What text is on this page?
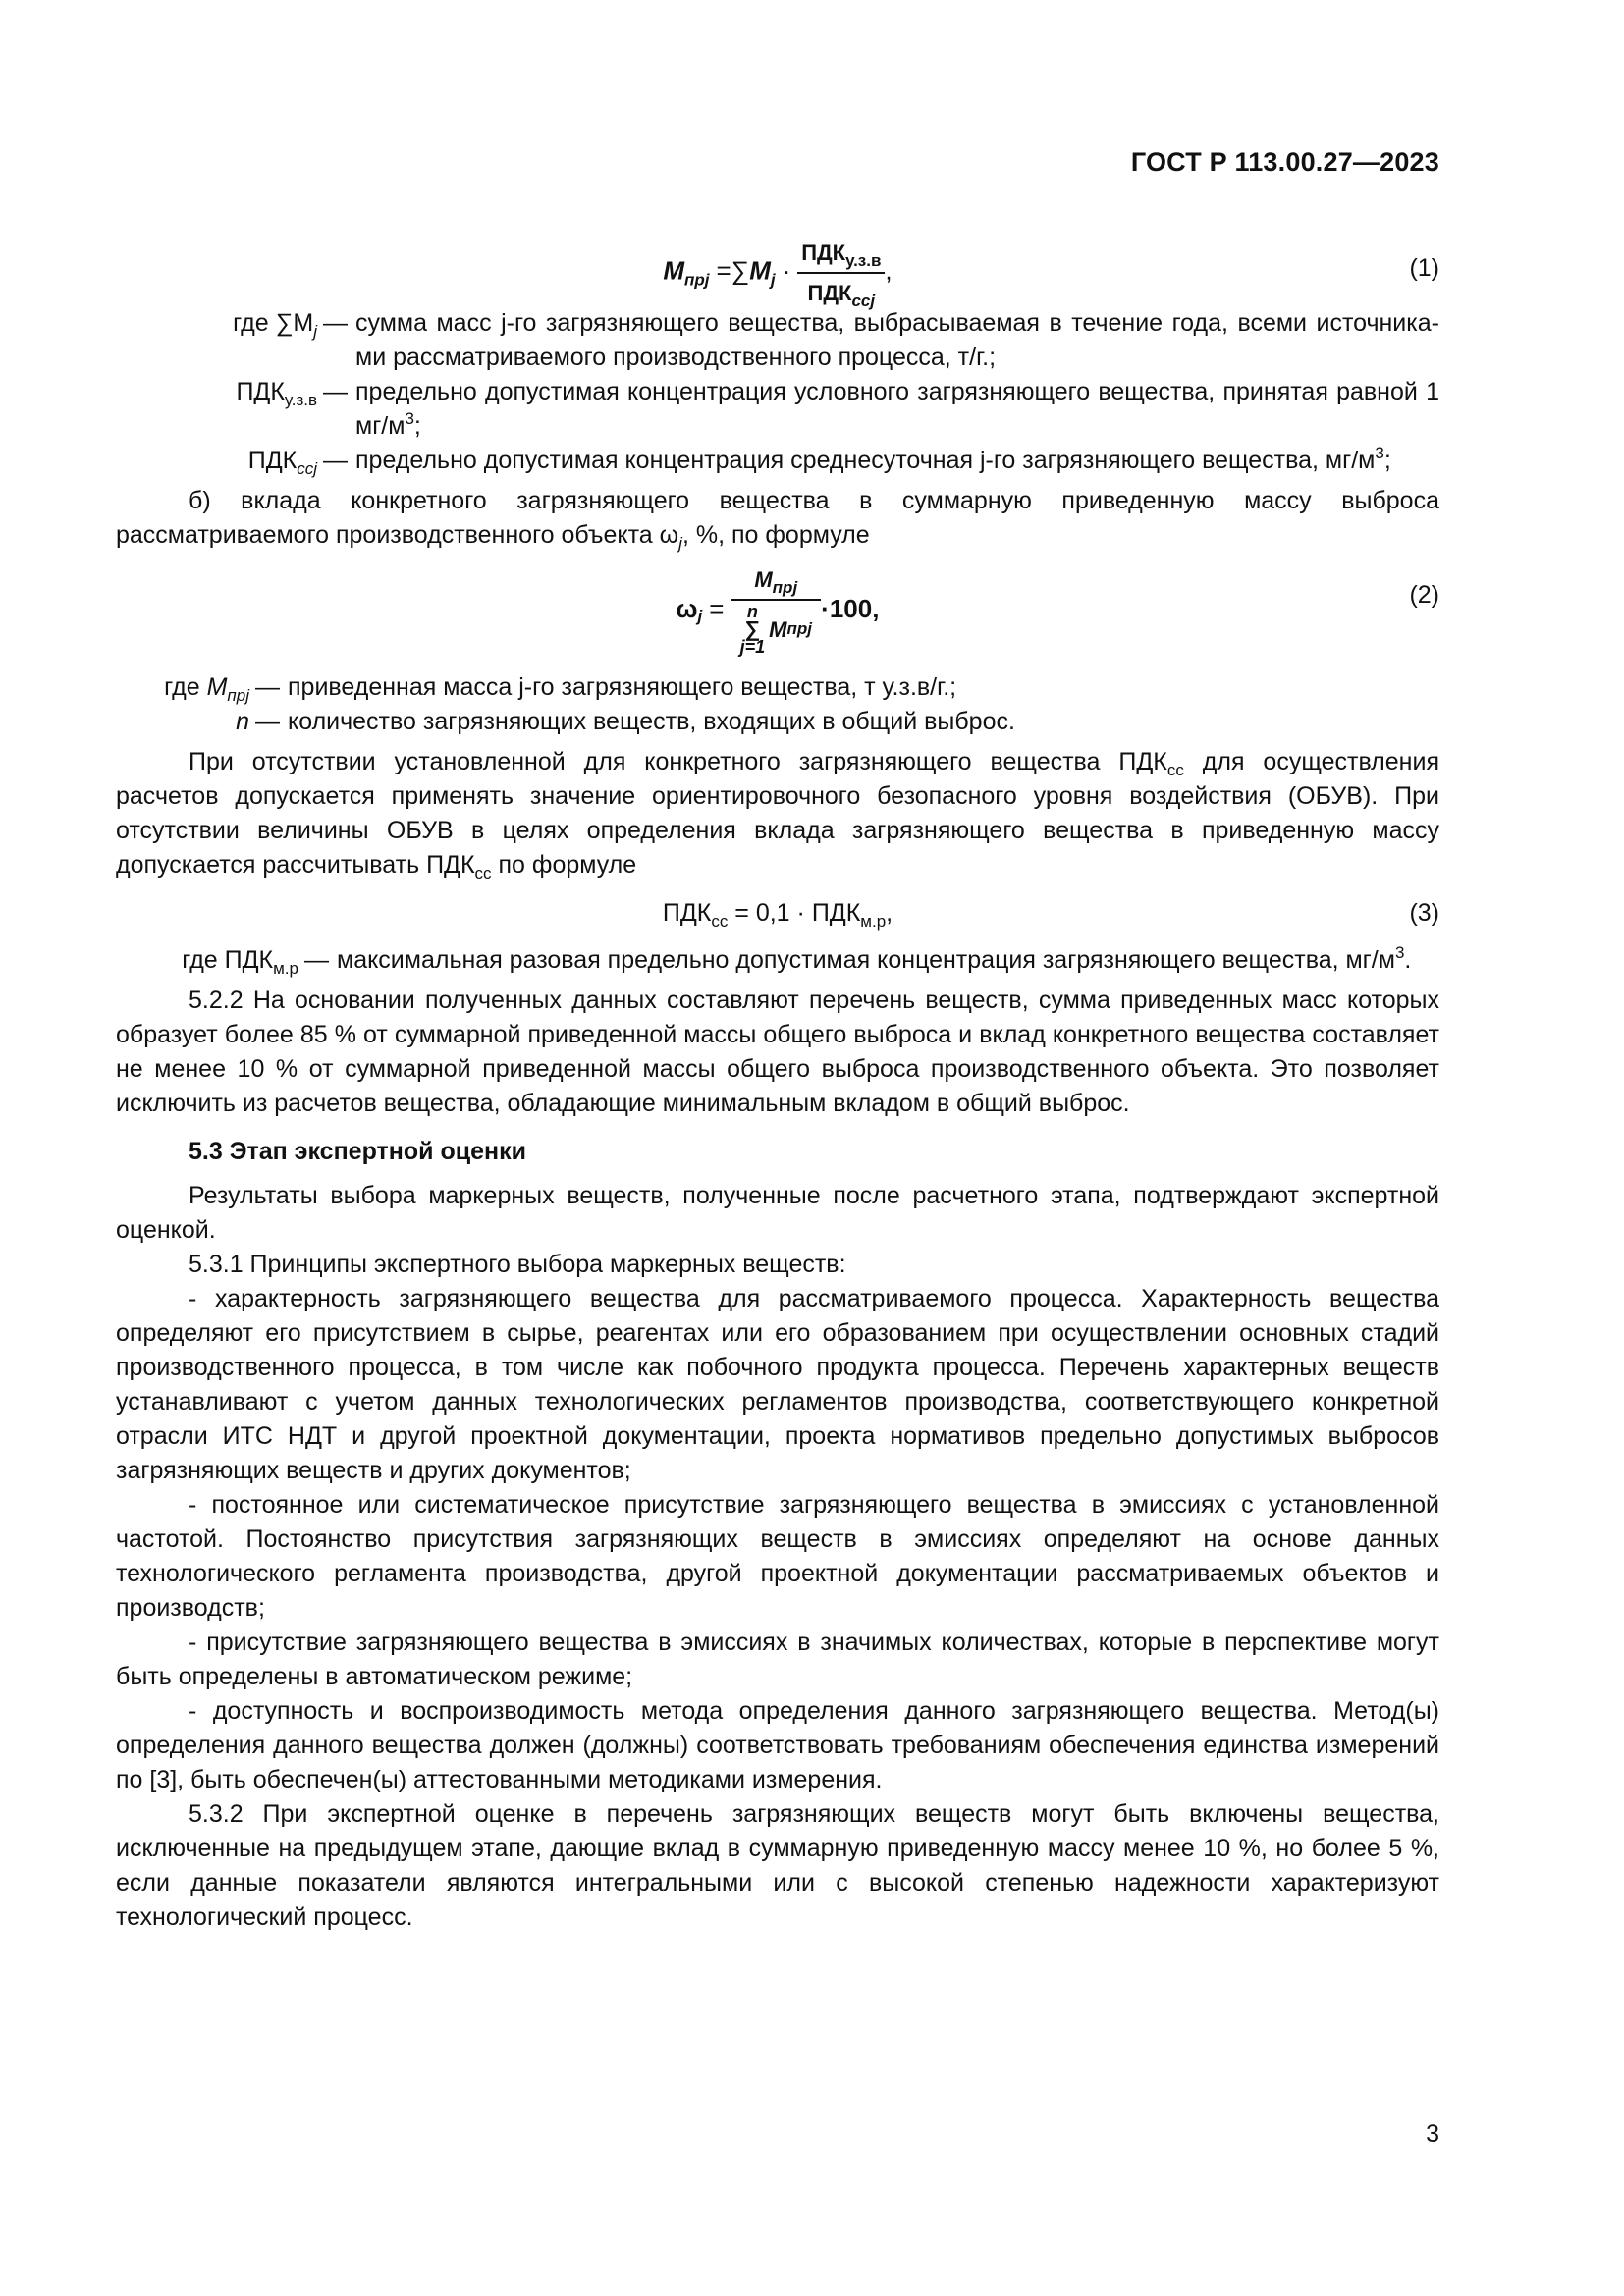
ГОСТ Р 113.00.27—2023
$M_{прj} =\sum M_j \cdot \frac{ПДК_{у.з.в}}{ПДК_{ccj}}$ ,	(1)
где $\sum M_j$ — сумма масс j-го загрязняющего вещества, выбрасываемая в течение года, всеми источника-ми рассматриваемого производственного процесса, т/г.;
$ПДК_{у.з.в}$ — предельно допустимая концентрация условного загрязняющего вещества, принятая равной 1 $мг/м^3$;
$ПДК_{ccj}$ — предельно допустимая концентрация среднесуточная j-го загрязняющего вещества, $мг/м^3$;

б) вклада конкретного загрязняющего вещества в суммарную приведенную массу выброса рассматриваемого производственного объекта $\omega_j$, %, по формуле

$\omega_j$ =
$M_{прj}$
n
∑
j=1
M прj
·100,	(2)
где $M_{прj}$ — приведенная масса j-го загрязняющего вещества, т у.з.в/г.;
n — количество загрязняющих веществ, входящих в общий выброс.

При отсутствии установленной для конкретного загрязняющего вещества $ПДК_{cc}$ для осуществления расчетов допускается применять значение ориентировочного безопасного уровня воздействия (ОБУВ). При отсутствии величины ОБУВ в целях определения вклада загрязняющего вещества в приведенную массу допускается рассчитывать $ПДК_{cc}$ по формуле

$ПДК_{cc} = 0,1 \cdot ПДК_{м.р}$,	(3)
где $ПДК_{м.р}$ — максимальная разовая предельно допустимая концентрация загрязняющего вещества, $мг/м^3$.

5.2.2 На основании полученных данных составляют перечень веществ, сумма приведенных масс которых образует более 85 % от суммарной приведенной массы общего выброса и вклад конкретного вещества составляет не менее 10 % от суммарной приведенной массы общего выброса производственного объекта. Это позволяет исключить из расчетов вещества, обладающие минимальным вкладом в общий выброс.

5.3 Этап экспертной оценки

Результаты выбора маркерных веществ, полученные после расчетного этапа, подтверждают экспертной оценкой.

5.3.1 Принципы экспертного выбора маркерных веществ:

- характерность загрязняющего вещества для рассматриваемого процесса. Характерность вещества определяют его присутствием в сырье, реагентах или его образованием при осуществлении основных стадий производственного процесса, в том числе как побочного продукта процесса. Перечень характерных веществ устанавливают с учетом данных технологических регламентов производства, соответствующего конкретной отрасли ИТС НДТ и другой проектной документации, проекта нормативов предельно допустимых выбросов загрязняющих веществ и других документов;

- постоянное или систематическое присутствие загрязняющего вещества в эмиссиях с установленной частотой. Постоянство присутствия загрязняющих веществ в эмиссиях определяют на основе данных технологического регламента производства, другой проектной документации рассматриваемых объектов и производств;

- присутствие загрязняющего вещества в эмиссиях в значимых количествах, которые в перспективе могут быть определены в автоматическом режиме;

- доступность и воспроизводимость метода определения данного загрязняющего вещества. Метод(ы) определения данного вещества должен (должны) соответствовать требованиям обеспечения единства измерений по [3], быть обеспечен(ы) аттестованными методиками измерения.

5.3.2 При экспертной оценке в перечень загрязняющих веществ могут быть включены вещества, исключенные на предыдущем этапе, дающие вклад в суммарную приведенную массу менее 10 %, но более 5 %, если данные показатели являются интегральными или с высокой степенью надежности характеризуют технологический процесс.

3
